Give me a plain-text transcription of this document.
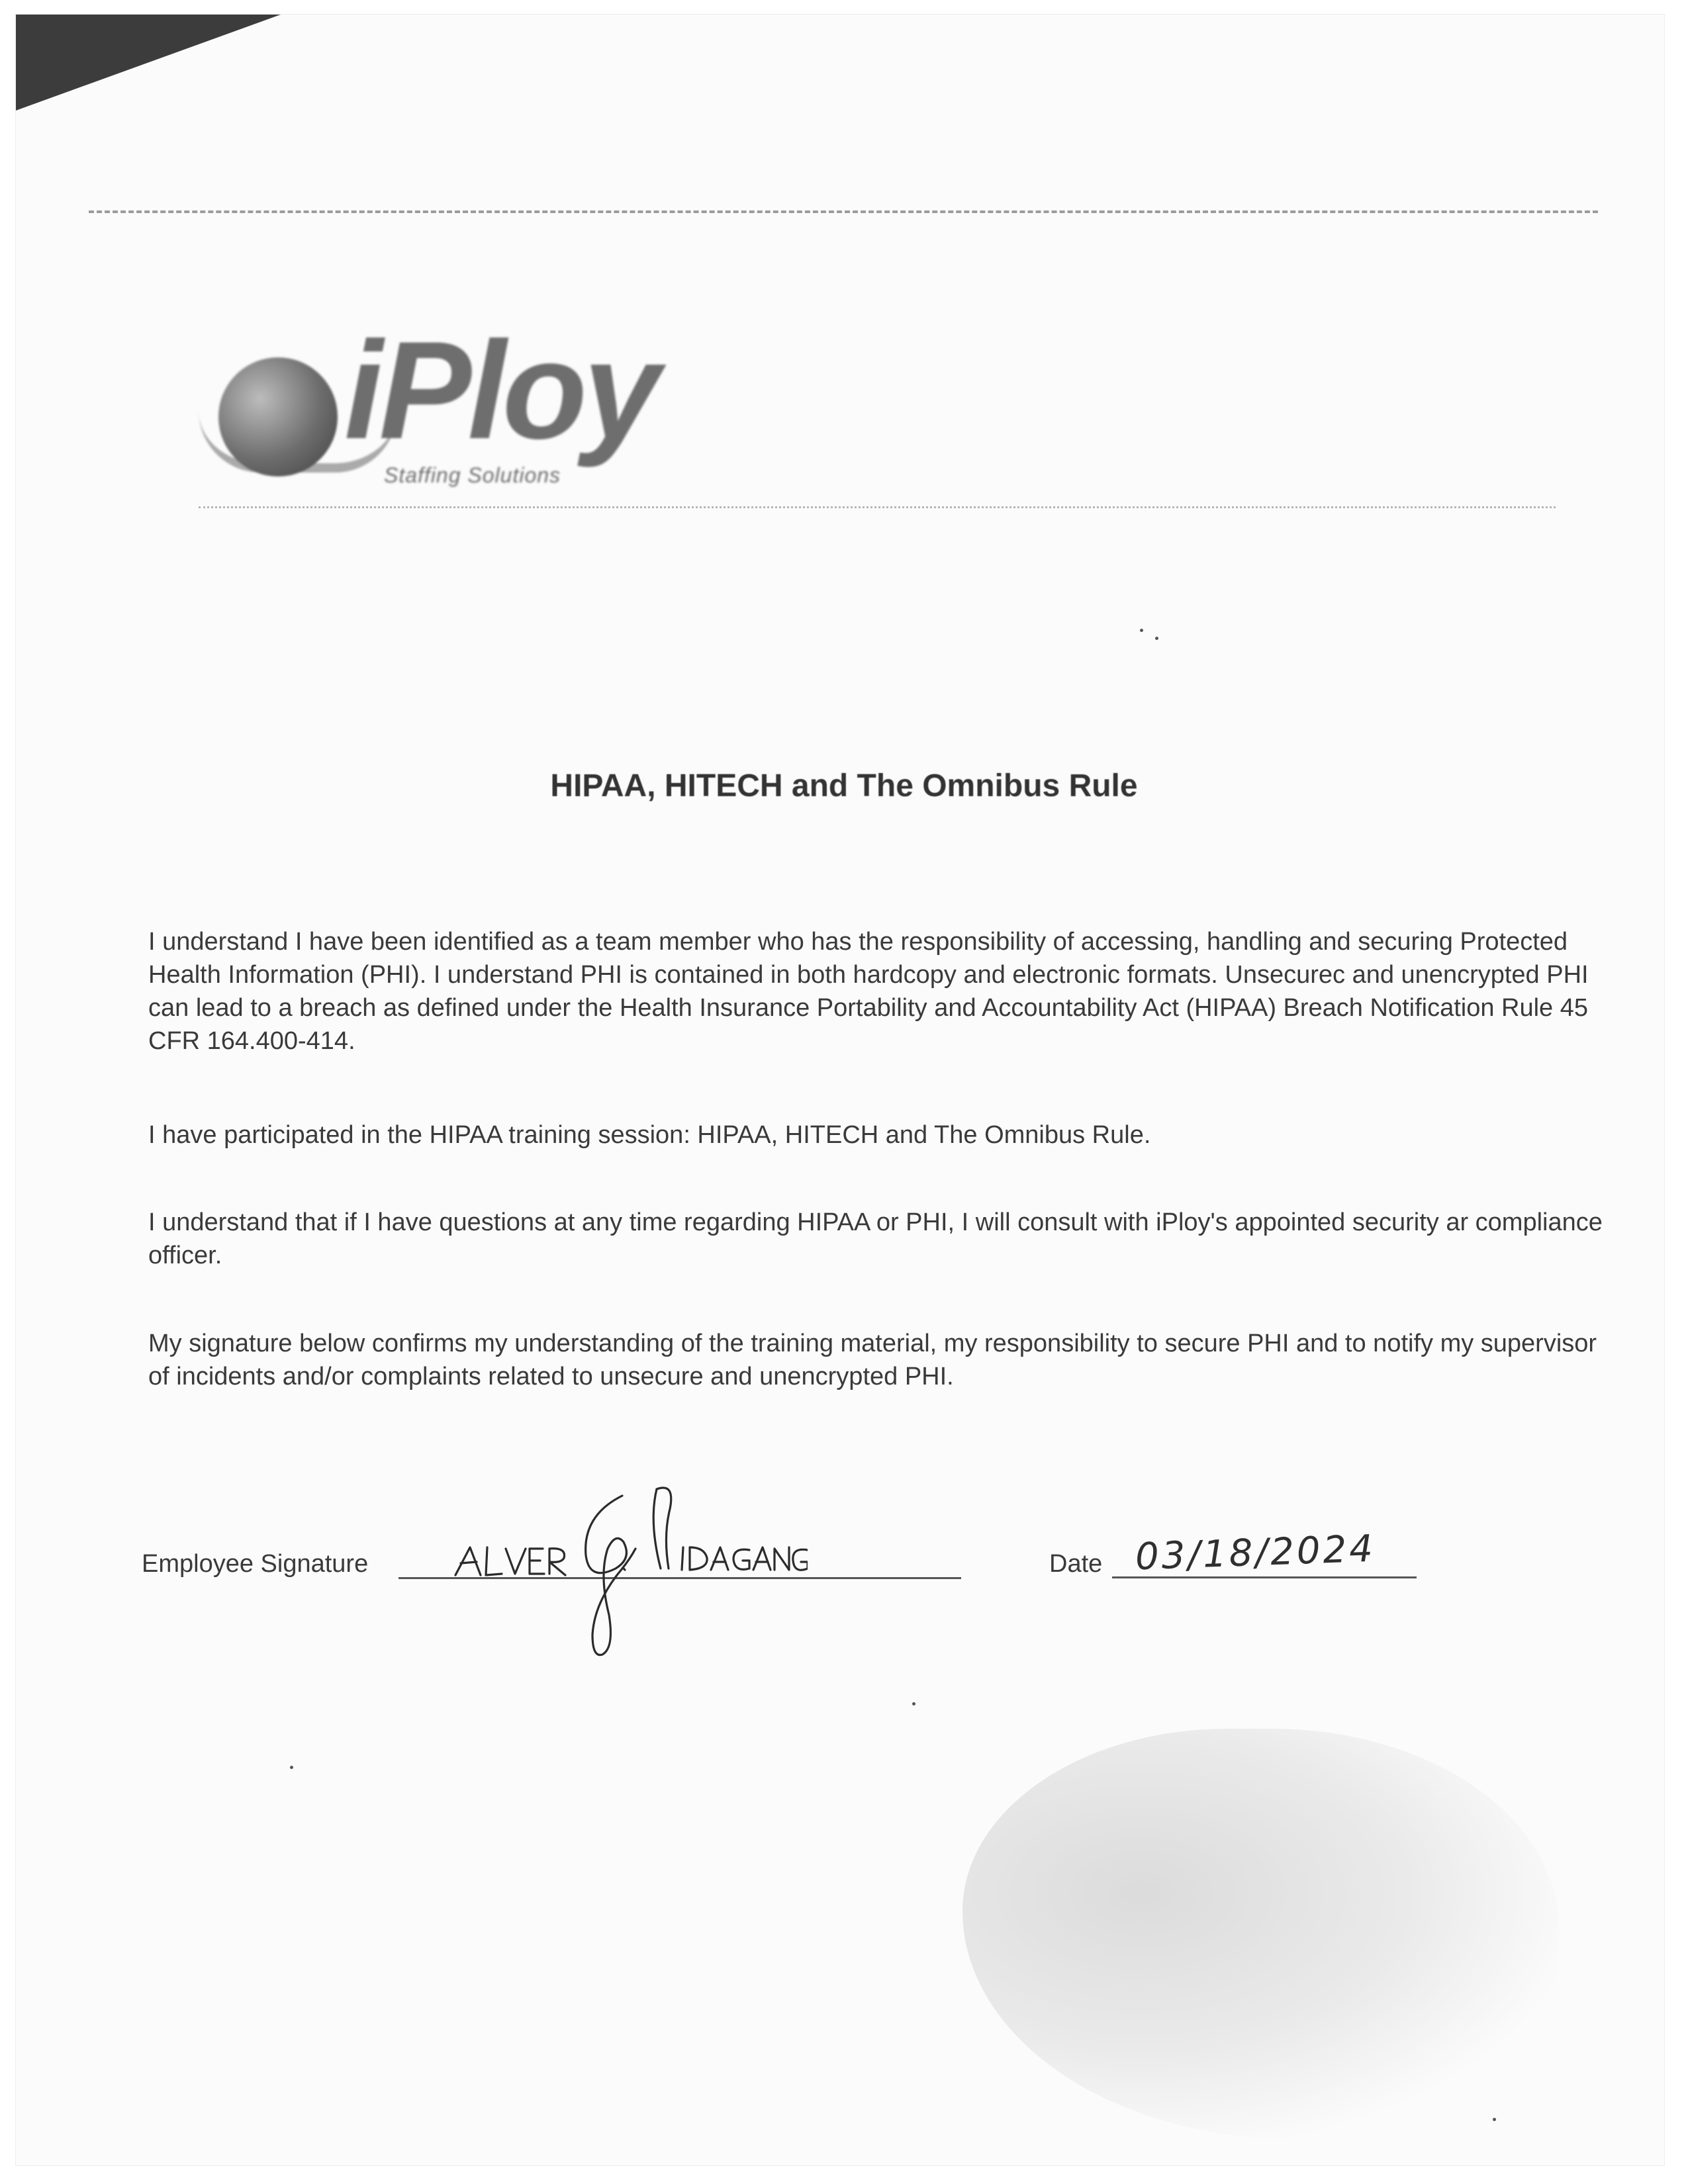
iPloy
Staffing Solutions
HIPAA, HITECH and The Omnibus Rule

I understand I have been identified as a team member who has the responsibility of accessing, handling and securing Protected Health Information (PHI). I understand PHI is contained in both hardcopy and electronic formats. Unsecurec and unencrypted PHI can lead to a breach as defined under the Health Insurance Portability and Accountability Act (HIPAA) Breach Notification Rule 45 CFR 164.400-414.

I have participated in the HIPAA training session: HIPAA, HITECH and The Omnibus Rule.

I understand that if I have questions at any time regarding HIPAA or PHI, I will consult with iPloy's appointed security ar compliance officer.

My signature below confirms my understanding of the training material, my responsibility to secure PHI and to notify my supervisor of incidents and/or complaints related to unsecure and unencrypted PHI.

Employee Signature	Date 03/18/2024
